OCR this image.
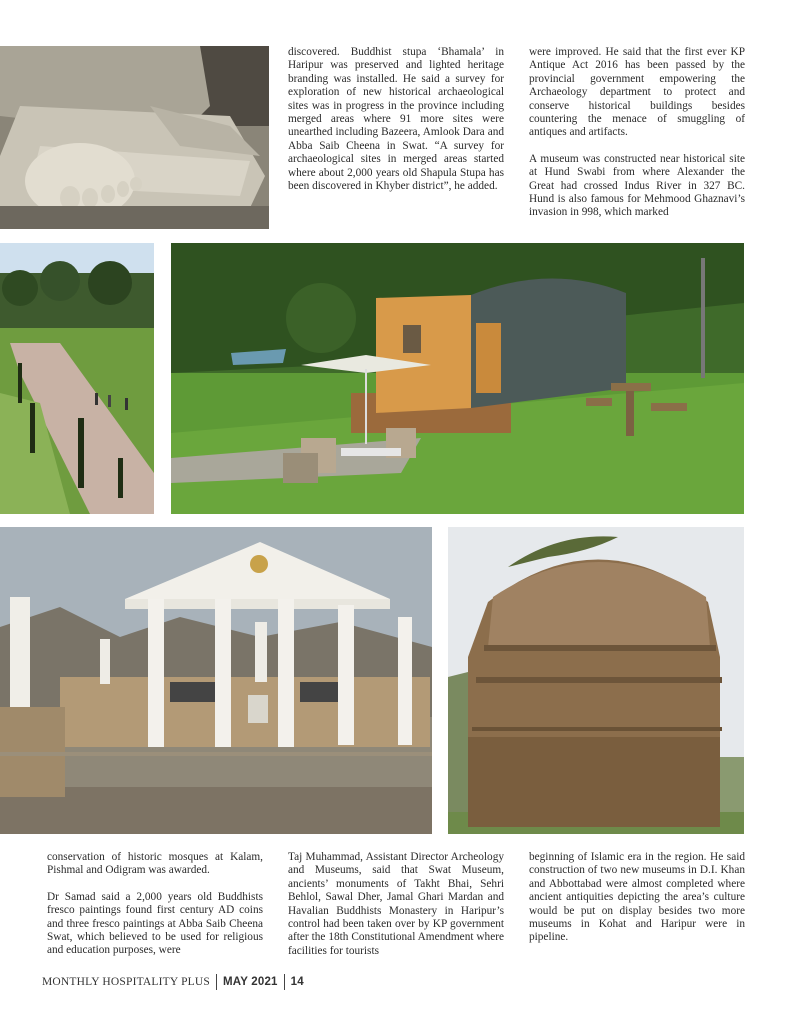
discovered. Buddhist stupa ‘Bhamala’ in Haripur was preserved and lighted heritage branding was installed. He said a survey for exploration of new historical archaeological sites was in progress in the province including merged areas where 91 more sites were unearthed including Bazeera, Amlook Dara and Abba Saib Cheena in Swat. “A survey for archaeological sites in merged areas started where about 2,000 years old Shapula Stupa has been discovered in Khyber district”, he added.

were improved. He said that the first ever KP Antique Act 2016 has been passed by the provincial government empowering the Archaeology department to protect and conserve historical buildings besides countering the menace of smuggling of antiques and artifacts.

A museum was constructed near historical site at Hund Swabi from where Alexander the Great had crossed Indus River in 327 BC. Hund is also famous for Mehmood Ghaznavi’s invasion in 998, which marked

conservation of historic mosques at Kalam, Pishmal and Odigram was awarded.

Dr Samad said a 2,000 years old Buddhists fresco paintings found first century AD coins and three fresco paintings at Abba Saib Cheena Swat, which believed to be used for religious and education purposes, were

Taj Muhammad, Assistant Director Archeology and Museums, said that Swat Museum, ancients’ monuments of Takht Bhai, Sehri Behlol, Sawal Dher, Jamal Ghari Mardan and Havalian Buddhists Monastery in Haripur’s control had been taken over by KP government after the 18th Constitutional Amendment where facilities for tourists

beginning of Islamic era in the region. He said construction of two new museums in D.I. Khan and Abbottabad were almost completed where ancient antiquities depicting the area’s culture would be put on display besides two more museums in Kohat and Haripur were in pipeline.

MONTHLY HOSPITALITY PLUS MAY 2021 14
